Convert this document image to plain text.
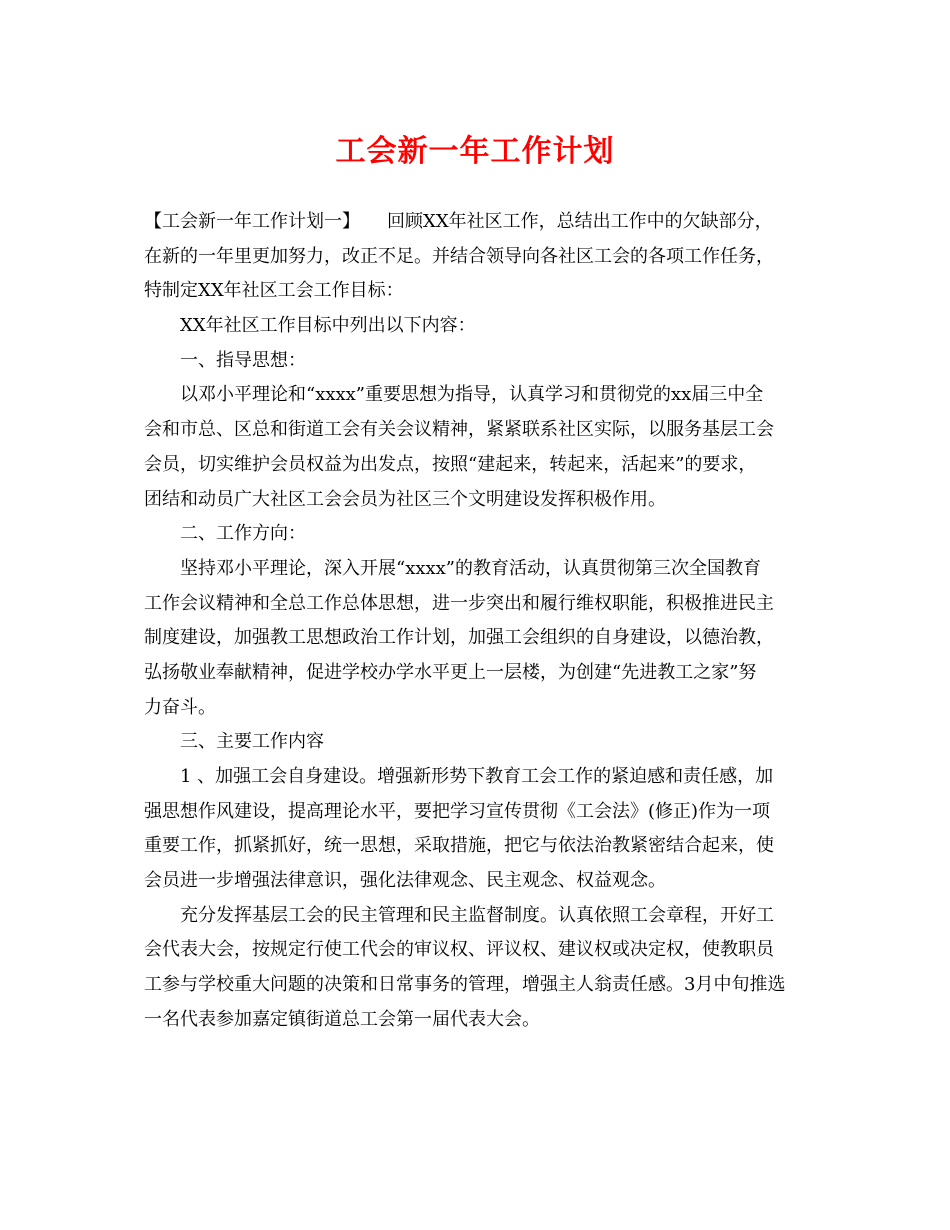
工会新一年工作计划
【工会新一年工作计划一】　　回顾XX年社区工作，总结出工作中的欠缺部分，
在新的一年里更加努力，改正不足。并结合领导向各社区工会的各项工作任务，
特制定XX年社区工会工作目标：
XX年社区工作目标中列出以下内容：
一、指导思想：
以邓小平理论和“xxxx”重要思想为指导，认真学习和贯彻党的xx届三中全
会和市总、区总和街道工会有关会议精神，紧紧联系社区实际，以服务基层工会
会员，切实维护会员权益为出发点，按照“建起来，转起来，活起来”的要求，
团结和动员广大社区工会会员为社区三个文明建设发挥积极作用。
二、工作方向：
坚持邓小平理论，深入开展“xxxx”的教育活动，认真贯彻第三次全国教育
工作会议精神和全总工作总体思想，进一步突出和履行维权职能，积极推进民主
制度建设，加强教工思想政治工作计划，加强工会组织的自身建设，以德治教，
弘扬敬业奉献精神，促进学校办学水平更上一层楼，为创建“先进教工之家”努
力奋斗。
三、主要工作内容
1 、加强工会自身建设。增强新形势下教育工会工作的紧迫感和责任感，加
强思想作风建设，提高理论水平，要把学习宣传贯彻《工会法》(修正)作为一项
重要工作，抓紧抓好，统一思想，采取措施，把它与依法治教紧密结合起来，使
会员进一步增强法律意识，强化法律观念、民主观念、权益观念。
充分发挥基层工会的民主管理和民主监督制度。认真依照工会章程，开好工
会代表大会，按规定行使工代会的审议权、评议权、建议权或决定权，使教职员
工参与学校重大问题的决策和日常事务的管理，增强主人翁责任感。3月中旬推选
一名代表参加嘉定镇街道总工会第一届代表大会。
